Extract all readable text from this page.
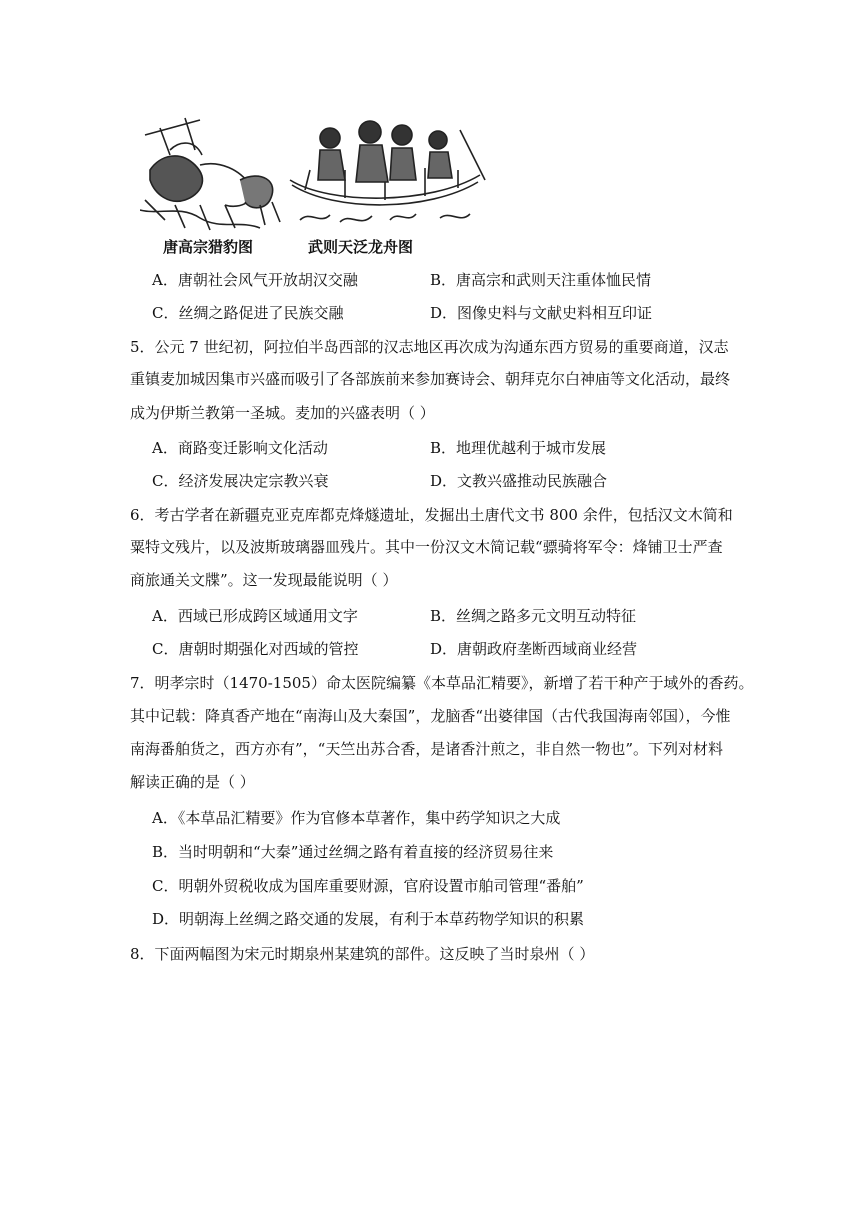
唐高宗猎豹图	武则天泛龙舟图
A．唐朝社会风气开放胡汉交融	B．唐高宗和武则天注重体恤民情
C．丝绸之路促进了民族交融	D．图像史料与文献史料相互印证
5．公元 7 世纪初，阿拉伯半岛西部的汉志地区再次成为沟通东西方贸易的重要商道，汉志
重镇麦加城因集市兴盛而吸引了各部族前来参加赛诗会、朝拜克尔白神庙等文化活动，最终
成为伊斯兰教第一圣城。麦加的兴盛表明（ ）
A．商路变迁影响文化活动	B．地理优越利于城市发展
C．经济发展决定宗教兴衰	D．文教兴盛推动民族融合
6．考古学者在新疆克亚克库都克烽燧遗址，发掘出土唐代文书 800 余件，包括汉文木简和
粟特文残片，以及波斯玻璃器皿残片。其中一份汉文木简记载“骠骑将军令：烽铺卫士严查
商旅通关文牒”。这一发现最能说明（ ）
A．西域已形成跨区域通用文字	B．丝绸之路多元文明互动特征
C．唐朝时期强化对西域的管控	D．唐朝政府垄断西域商业经营
7．明孝宗时（1470-1505）命太医院编纂《本草品汇精要》，新增了若干种产于域外的香药。
其中记载：降真香产地在“南海山及大秦国”，龙脑香“出婆律国（古代我国海南邻国），今惟
南海番舶货之，西方亦有”，“天竺出苏合香，是诸香汁煎之，非自然一物也”。下列对材料
解读正确的是（ ）
A．《本草品汇精要》作为官修本草著作，集中药学知识之大成
B．当时明朝和“大秦”通过丝绸之路有着直接的经济贸易往来
C．明朝外贸税收成为国库重要财源，官府设置市舶司管理“番舶”
D．明朝海上丝绸之路交通的发展，有利于本草药物学知识的积累
8．下面两幅图为宋元时期泉州某建筑的部件。这反映了当时泉州（ ）
